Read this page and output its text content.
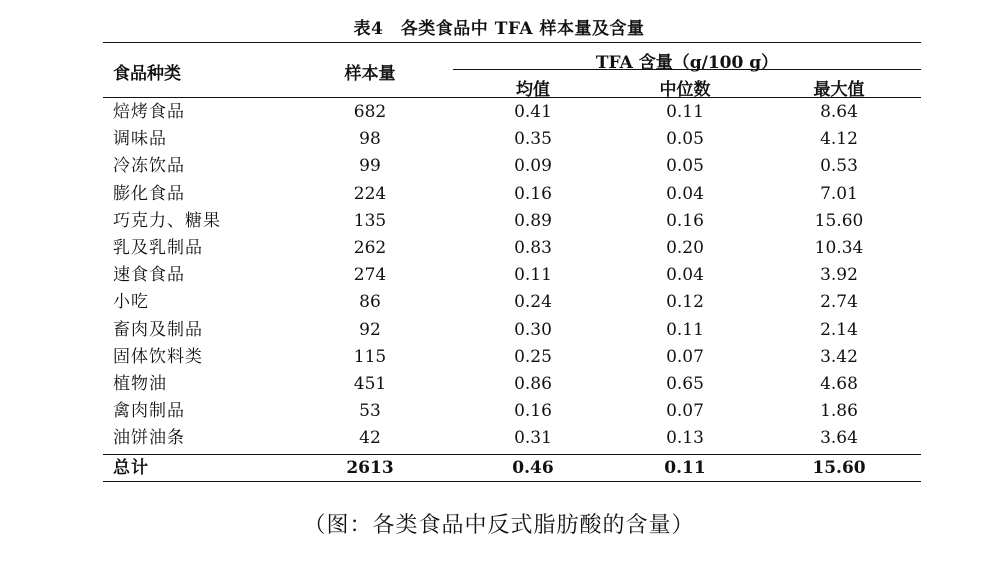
表4　各类食品中 TFA 样本量及含量
食品种类	样本量
TFA 含量（g/100 g）
均值	中位数	最大值
焙烤食品	682	0.41	0.11	8.64
调味品	98	0.35	0.05	4.12
冷冻饮品	99	0.09	0.05	0.53
膨化食品	224	0.16	0.04	7.01
巧克力、糖果	135	0.89	0.16	15.60
乳及乳制品	262	0.83	0.20	10.34
速食食品	274	0.11	0.04	3.92
小吃	86	0.24	0.12	2.74
畜肉及制品	92	0.30	0.11	2.14
固体饮料类	115	0.25	0.07	3.42
植物油	451	0.86	0.65	4.68
禽肉制品	53	0.16	0.07	1.86
油饼油条	42	0.31	0.13	3.64
总计	2613	0.46	0.11	15.60
（图：各类食品中反式脂肪酸的含量）
